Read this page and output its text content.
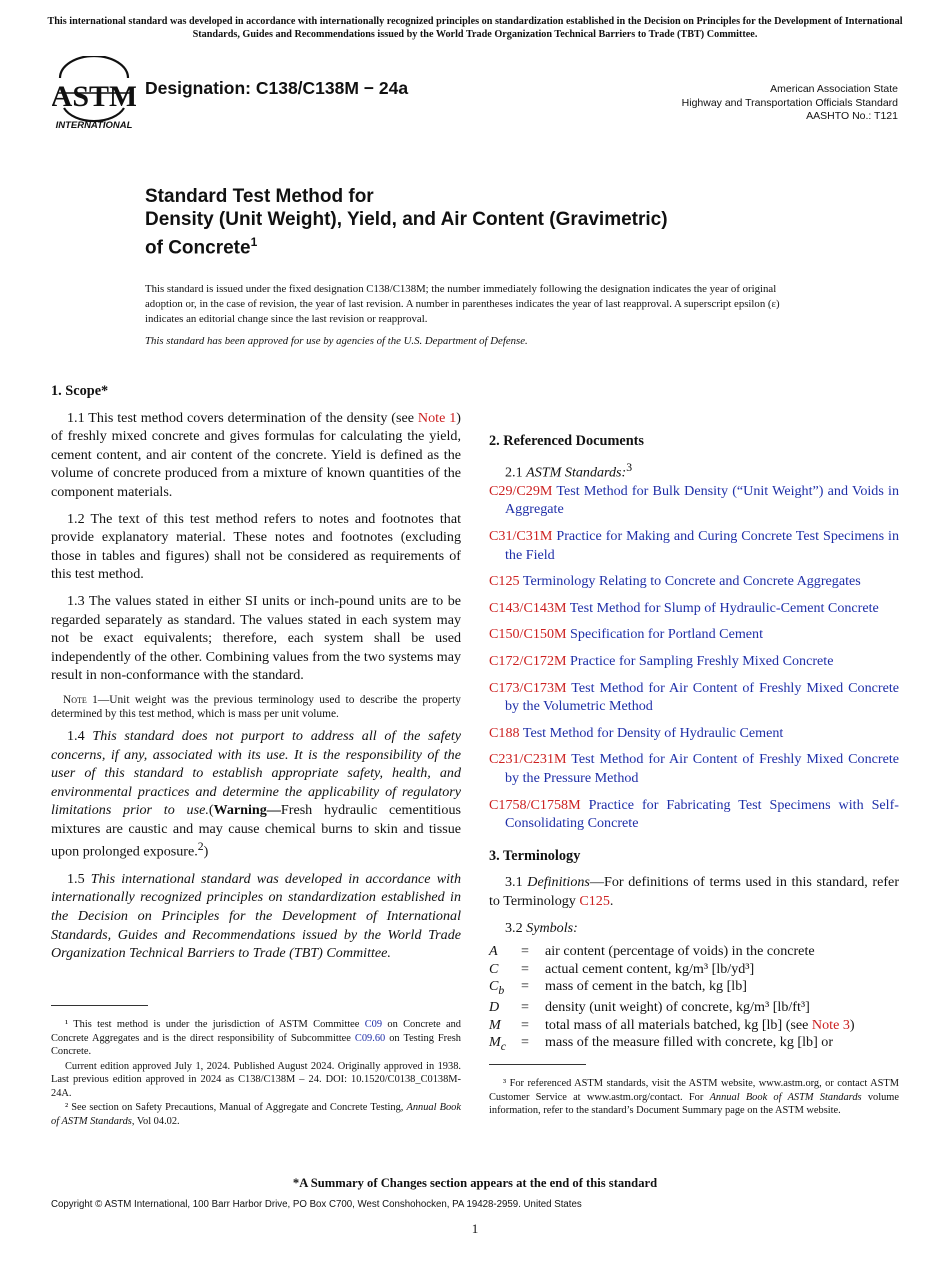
This international standard was developed in accordance with internationally recognized principles on standardization established in the Decision on Principles for the Development of International Standards, Guides and Recommendations issued by the World Trade Organization Technical Barriers to Trade (TBT) Committee.
ASTM
INTERNATIONAL
Designation: C138/C138M − 24a	American Association State
Highway and Transportation Officials Standard
AASHTO No.: T121
Standard Test Method for
Density (Unit Weight), Yield, and Air Content (Gravimetric)
of Concrete$^1$
This standard is issued under the fixed designation C138/C138M; the number immediately following the designation indicates the year of original adoption or, in the case of revision, the year of last revision. A number in parentheses indicates the year of last reapproval. A superscript epsilon (ε) indicates an editorial change since the last revision or reapproval.
This standard has been approved for use by agencies of the U.S. Department of Defense.
1. Scope*

1.1 This test method covers determination of the density (see Note 1) of freshly mixed concrete and gives formulas for calculating the yield, cement content, and air content of the concrete. Yield is defined as the volume of concrete produced from a mixture of known quantities of the component materials.

1.2 The text of this test method refers to notes and footnotes that provide explanatory material. These notes and footnotes (excluding those in tables and figures) shall not be considered as requirements of this test method.

1.3 The values stated in either SI units or inch-pound units are to be regarded separately as standard. The values stated in each system may not be exact equivalents; therefore, each system shall be used independently of the other. Combining values from the two systems may result in non-conformance with the standard.

Note 1—Unit weight was the previous terminology used to describe the property determined by this test method, which is mass per unit volume.

1.4 This standard does not purport to address all of the safety concerns, if any, associated with its use. It is the responsibility of the user of this standard to establish appropriate safety, health, and environmental practices and determine the applicability of regulatory limitations prior to use.(Warning—Fresh hydraulic cementitious mixtures are caustic and may cause chemical burns to skin and tissue upon prolonged exposure.$^2$)

1.5 This international standard was developed in accordance with internationally recognized principles on standardization established in the Decision on Principles for the Development of International Standards, Guides and Recommendations issued by the World Trade Organization Technical Barriers to Trade (TBT) Committee.

¹ This test method is under the jurisdiction of ASTM Committee C09 on Concrete and Concrete Aggregates and is the direct responsibility of Subcommittee C09.60 on Testing Fresh Concrete.

Current edition approved July 1, 2024. Published August 2024. Originally approved in 1938. Last previous edition approved in 2024 as C138/C138M – 24. DOI: 10.1520/C0138_C0138M-24A.

² See section on Safety Precautions, Manual of Aggregate and Concrete Testing, Annual Book of ASTM Standards, Vol 04.02.

2. Referenced Documents

2.1 ASTM Standards:$^3$

C29/C29M Test Method for Bulk Density (“Unit Weight”) and Voids in Aggregate

C31/C31M Practice for Making and Curing Concrete Test Specimens in the Field

C125 Terminology Relating to Concrete and Concrete Aggregates

C143/C143M Test Method for Slump of Hydraulic-Cement Concrete

C150/C150M Specification for Portland Cement

C172/C172M Practice for Sampling Freshly Mixed Concrete

C173/C173M Test Method for Air Content of Freshly Mixed Concrete by the Volumetric Method

C188 Test Method for Density of Hydraulic Cement

C231/C231M Test Method for Air Content of Freshly Mixed Concrete by the Pressure Method

C1758/C1758M Practice for Fabricating Test Specimens with Self-Consolidating Concrete

3. Terminology

3.1 Definitions—For definitions of terms used in this standard, refer to Terminology C125.

3.2 Symbols:

A	=	air content (percentage of voids) in the concrete
C	=	actual cement content, kg/m³ [lb/yd³]
$C_b$	=	mass of cement in the batch, kg [lb]
D	=	density (unit weight) of concrete, kg/m³ [lb/ft³]
M	=	total mass of all materials batched, kg [lb] (see Note 3)
$M_c$	=	mass of the measure filled with concrete, kg [lb] or

³ For referenced ASTM standards, visit the ASTM website, www.astm.org, or contact ASTM Customer Service at www.astm.org/contact. For Annual Book of ASTM Standards volume information, refer to the standard’s Document Summary page on the ASTM website.

*A Summary of Changes section appears at the end of this standard
Copyright © ASTM International, 100 Barr Harbor Drive, PO Box C700, West Conshohocken, PA 19428-2959. United States
1
